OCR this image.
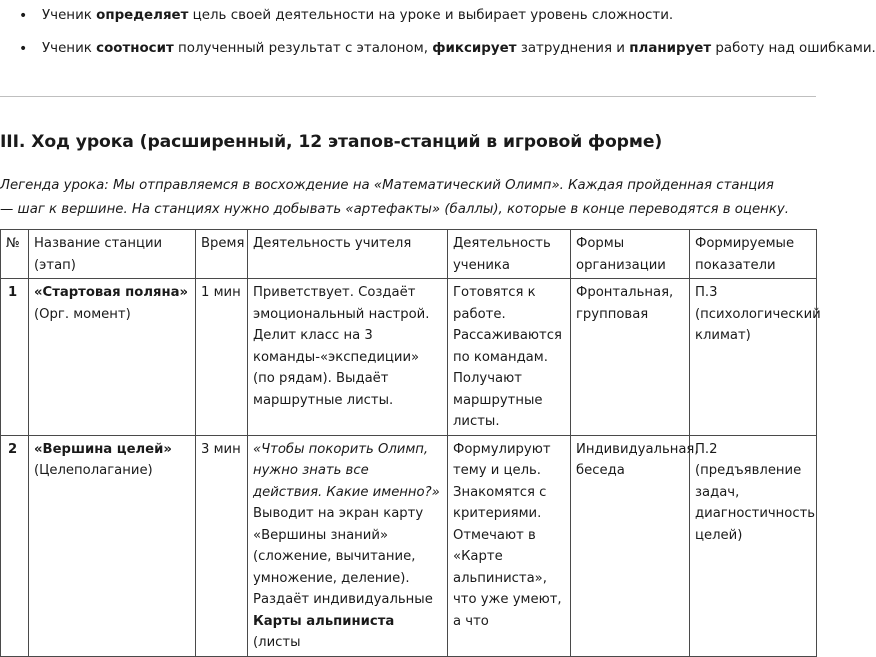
• Ученик определяет цель своей деятельности на уроке и выбирает уровень сложности.
• Ученик соотносит полученный результат с эталоном, фиксирует затруднения и планирует работу над ошибками.
III. Ход урока (расширенный, 12 этапов-станций в игровой форме)

Легенда урока: Мы отправляемся в восхождение на «Математический Олимп». Каждая пройденная станция — шаг к вершине. На станциях нужно добывать «артефакты» (баллы), которые в конце переводятся в оценку.

№	Название станции (этап)	Время	Деятельность учителя	Деятельность ученика	Формы организации	Формируемые показатели
1	«Стартовая поляна» (Орг. момент)	1 мин	Приветствует. Создаёт эмоциональный настрой. Делит класс на 3 команды-«экспедиции» (по рядам). Выдаёт маршрутные листы.	Готовятся к работе. Рассаживаются по командам. Получают маршрутные листы.	Фронтальная, групповая	П.3 (психологический климат)
2	«Вершина целей» (Целеполагание)	3 мин	«Чтобы покорить Олимп, нужно знать все действия. Какие именно?» Выводит на экран карту «Вершины знаний» (сложение, вычитание, умножение, деление). Раздаёт индивидуальные Карты альпиниста (листы	Формулируют тему и цель. Знакомятся с критериями. Отмечают в «Карте альпиниста», что уже умеют, а что	Индивидуальная, беседа	П.2 (предъявление задач, диагностичность целей)
